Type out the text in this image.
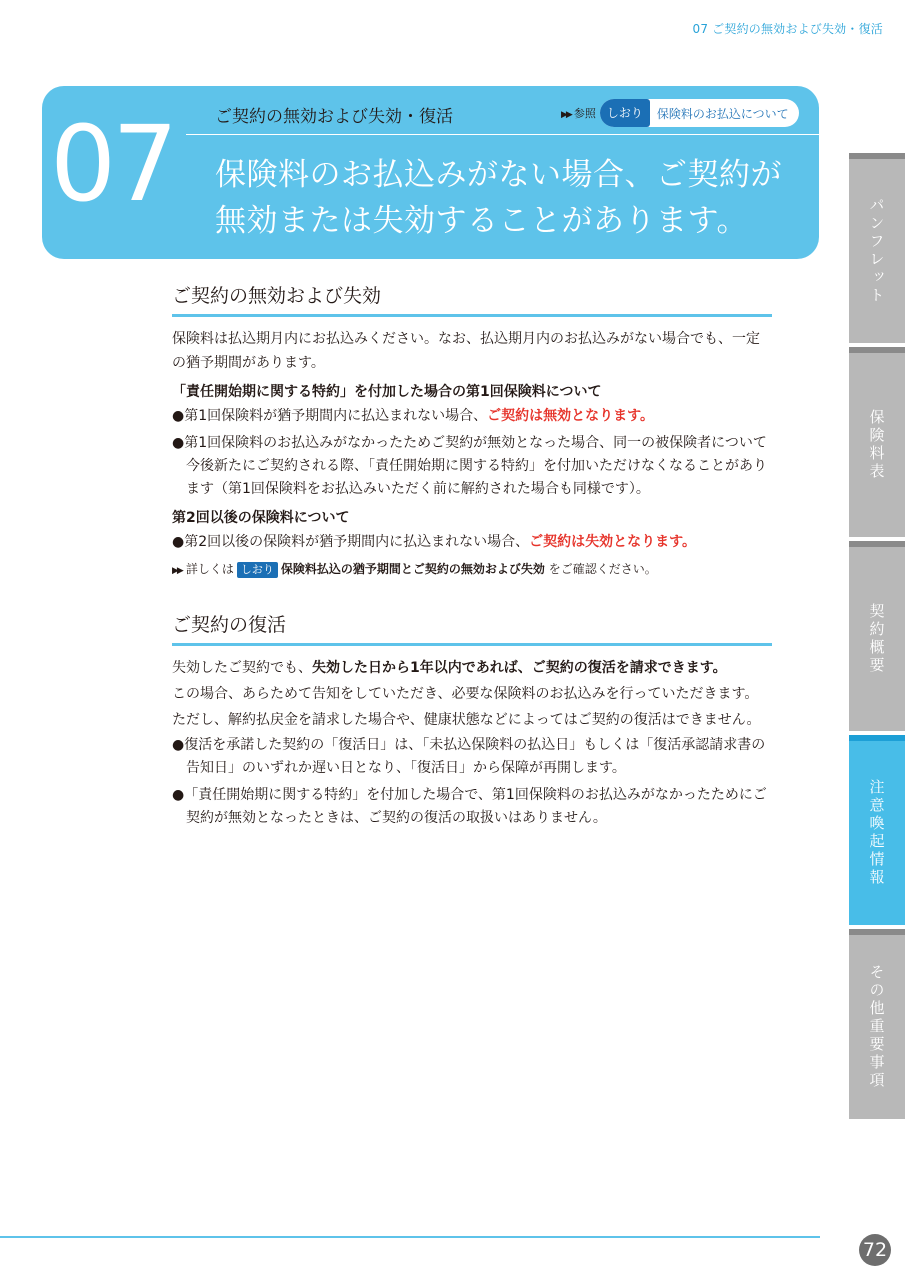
07 ご契約の無効および失効・復活
07 ご契約の無効および失効・復活	▶▶ 参照 しおり	保険料のお払込について
保険料のお払込みがない場合、ご契約が
無効または失効することがあります。	パンフレット
保険料表
契約概要
注意喚起情報
その他重要事項
ご契約の無効および失効

保険料は払込期月内にお払込みください。なお、払込期月内のお払込みがない場合でも、一定の猶予期間があります。

「責任開始期に関する特約」を付加した場合の第1回保険料について

●第1回保険料が猶予期間内に払込まれない場合、ご契約は無効となります。

●第1回保険料のお払込みがなかったためご契約が無効となった場合、同一の被保険者について今後新たにご契約される際、「責任開始期に関する特約」を付加いただけなくなることがあります（第1回保険料をお払込みいただく前に解約された場合も同様です）。

第2回以後の保険料について

●第2回以後の保険料が猶予期間内に払込まれない場合、ご契約は失効となります。

▶▶ 詳しくは しおり 保険料払込の猶予期間とご契約の無効および失効 をご確認ください。

ご契約の復活

失効したご契約でも、失効した日から1年以内であれば、ご契約の復活を請求できます。

この場合、あらためて告知をしていただき、必要な保険料のお払込みを行っていただきます。

ただし、解約払戻金を請求した場合や、健康状態などによってはご契約の復活はできません。

●復活を承諾した契約の「復活日」は、「未払込保険料の払込日」もしくは「復活承認請求書の告知日」のいずれか遅い日となり、「復活日」から保障が再開します。

●「責任開始期に関する特約」を付加した場合で、第1回保険料のお払込みがなかったためにご契約が無効となったときは、ご契約の復活の取扱いはありません。

72
